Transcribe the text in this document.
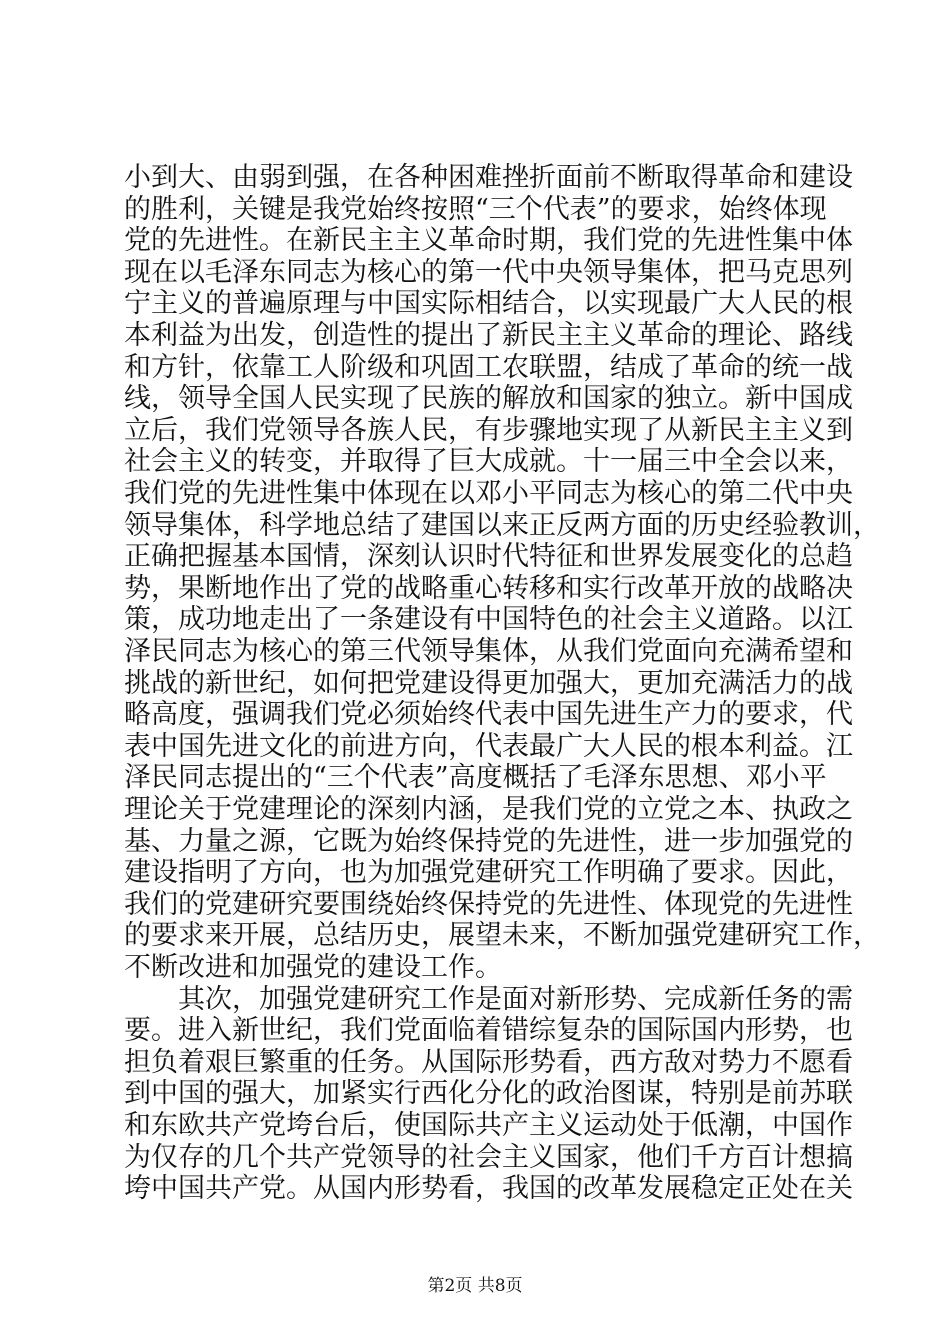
小到大、由弱到强，在各种困难挫折面前不断取得革命和建设
的胜利，关键是我党始终按照“三个代表”的要求，始终体现
党的先进性。在新民主主义革命时期，我们党的先进性集中体
现在以毛泽东同志为核心的第一代中央领导集体，把马克思列
宁主义的普遍原理与中国实际相结合，以实现最广大人民的根
本利益为出发，创造性的提出了新民主主义革命的理论、路线
和方针，依靠工人阶级和巩固工农联盟，结成了革命的统一战
线，领导全国人民实现了民族的解放和国家的独立。新中国成
立后，我们党领导各族人民，有步骤地实现了从新民主主义到
社会主义的转变，并取得了巨大成就。十一届三中全会以来，
我们党的先进性集中体现在以邓小平同志为核心的第二代中央
领导集体，科学地总结了建国以来正反两方面的历史经验教训，
正确把握基本国情，深刻认识时代特征和世界发展变化的总趋
势，果断地作出了党的战略重心转移和实行改革开放的战略决
策，成功地走出了一条建设有中国特色的社会主义道路。以江
泽民同志为核心的第三代领导集体，从我们党面向充满希望和
挑战的新世纪，如何把党建设得更加强大，更加充满活力的战
略高度，强调我们党必须始终代表中国先进生产力的要求，代
表中国先进文化的前进方向，代表最广大人民的根本利益。江
泽民同志提出的“三个代表”高度概括了毛泽东思想、邓小平
理论关于党建理论的深刻内涵，是我们党的立党之本、执政之
基、力量之源，它既为始终保持党的先进性，进一步加强党的
建设指明了方向，也为加强党建研究工作明确了要求。因此，
我们的党建研究要围绕始终保持党的先进性、体现党的先进性
的要求来开展，总结历史，展望未来，不断加强党建研究工作，
不断改进和加强党的建设工作。
　　其次，加强党建研究工作是面对新形势、完成新任务的需
要。进入新世纪，我们党面临着错综复杂的国际国内形势，也
担负着艰巨繁重的任务。从国际形势看，西方敌对势力不愿看
到中国的强大，加紧实行西化分化的政治图谋，特别是前苏联
和东欧共产党垮台后，使国际共产主义运动处于低潮，中国作
为仅存的几个共产党领导的社会主义国家，他们千方百计想搞
垮中国共产党。从国内形势看，我国的改革发展稳定正处在关
第2页 共8页
